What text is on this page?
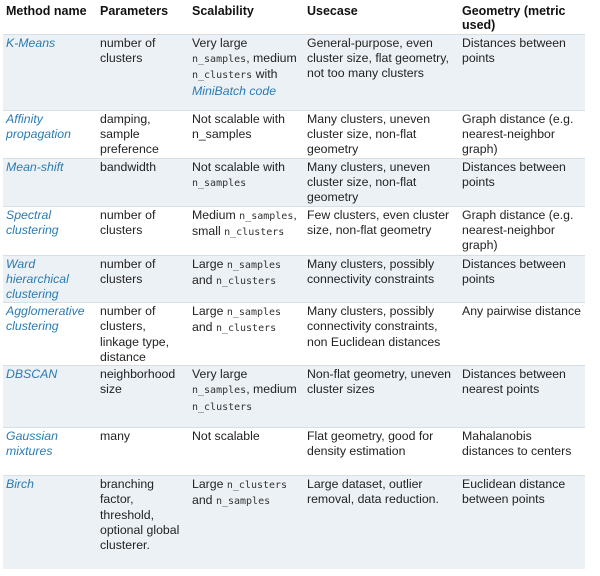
Method name	Parameters	Scalability	Usecase	Geometry (metric used)
K-Means	number of clusters	Very large n_samples, medium n_clusters with MiniBatch code	General-purpose, even cluster size, flat geometry, not too many clusters	Distances between points
Affinity propagation	damping, sample preference	Not scalable with n_samples	Many clusters, uneven cluster size, non-flat geometry	Graph distance (e.g. nearest-neighbor graph)
Mean-shift	bandwidth	Not scalable with n_samples	Many clusters, uneven cluster size, non-flat geometry	Distances between points
Spectral clustering	number of clusters	Medium n_samples, small n_clusters	Few clusters, even cluster size, non-flat geometry	Graph distance (e.g. nearest-neighbor graph)
Ward hierarchical clustering	number of clusters	Large n_samples and n_clusters	Many clusters, possibly connectivity constraints	Distances between points
Agglomerative clustering	number of clusters, linkage type, distance	Large n_samples and n_clusters	Many clusters, possibly connectivity constraints, non Euclidean distances	Any pairwise distance
DBSCAN	neighborhood size	Very large n_samples, medium n_clusters	Non-flat geometry, uneven cluster sizes	Distances between nearest points
Gaussian mixtures	many	Not scalable	Flat geometry, good for density estimation	Mahalanobis distances to centers
Birch	branching factor, threshold, optional global clusterer.	Large n_clusters and n_samples	Large dataset, outlier removal, data reduction.	Euclidean distance between points
